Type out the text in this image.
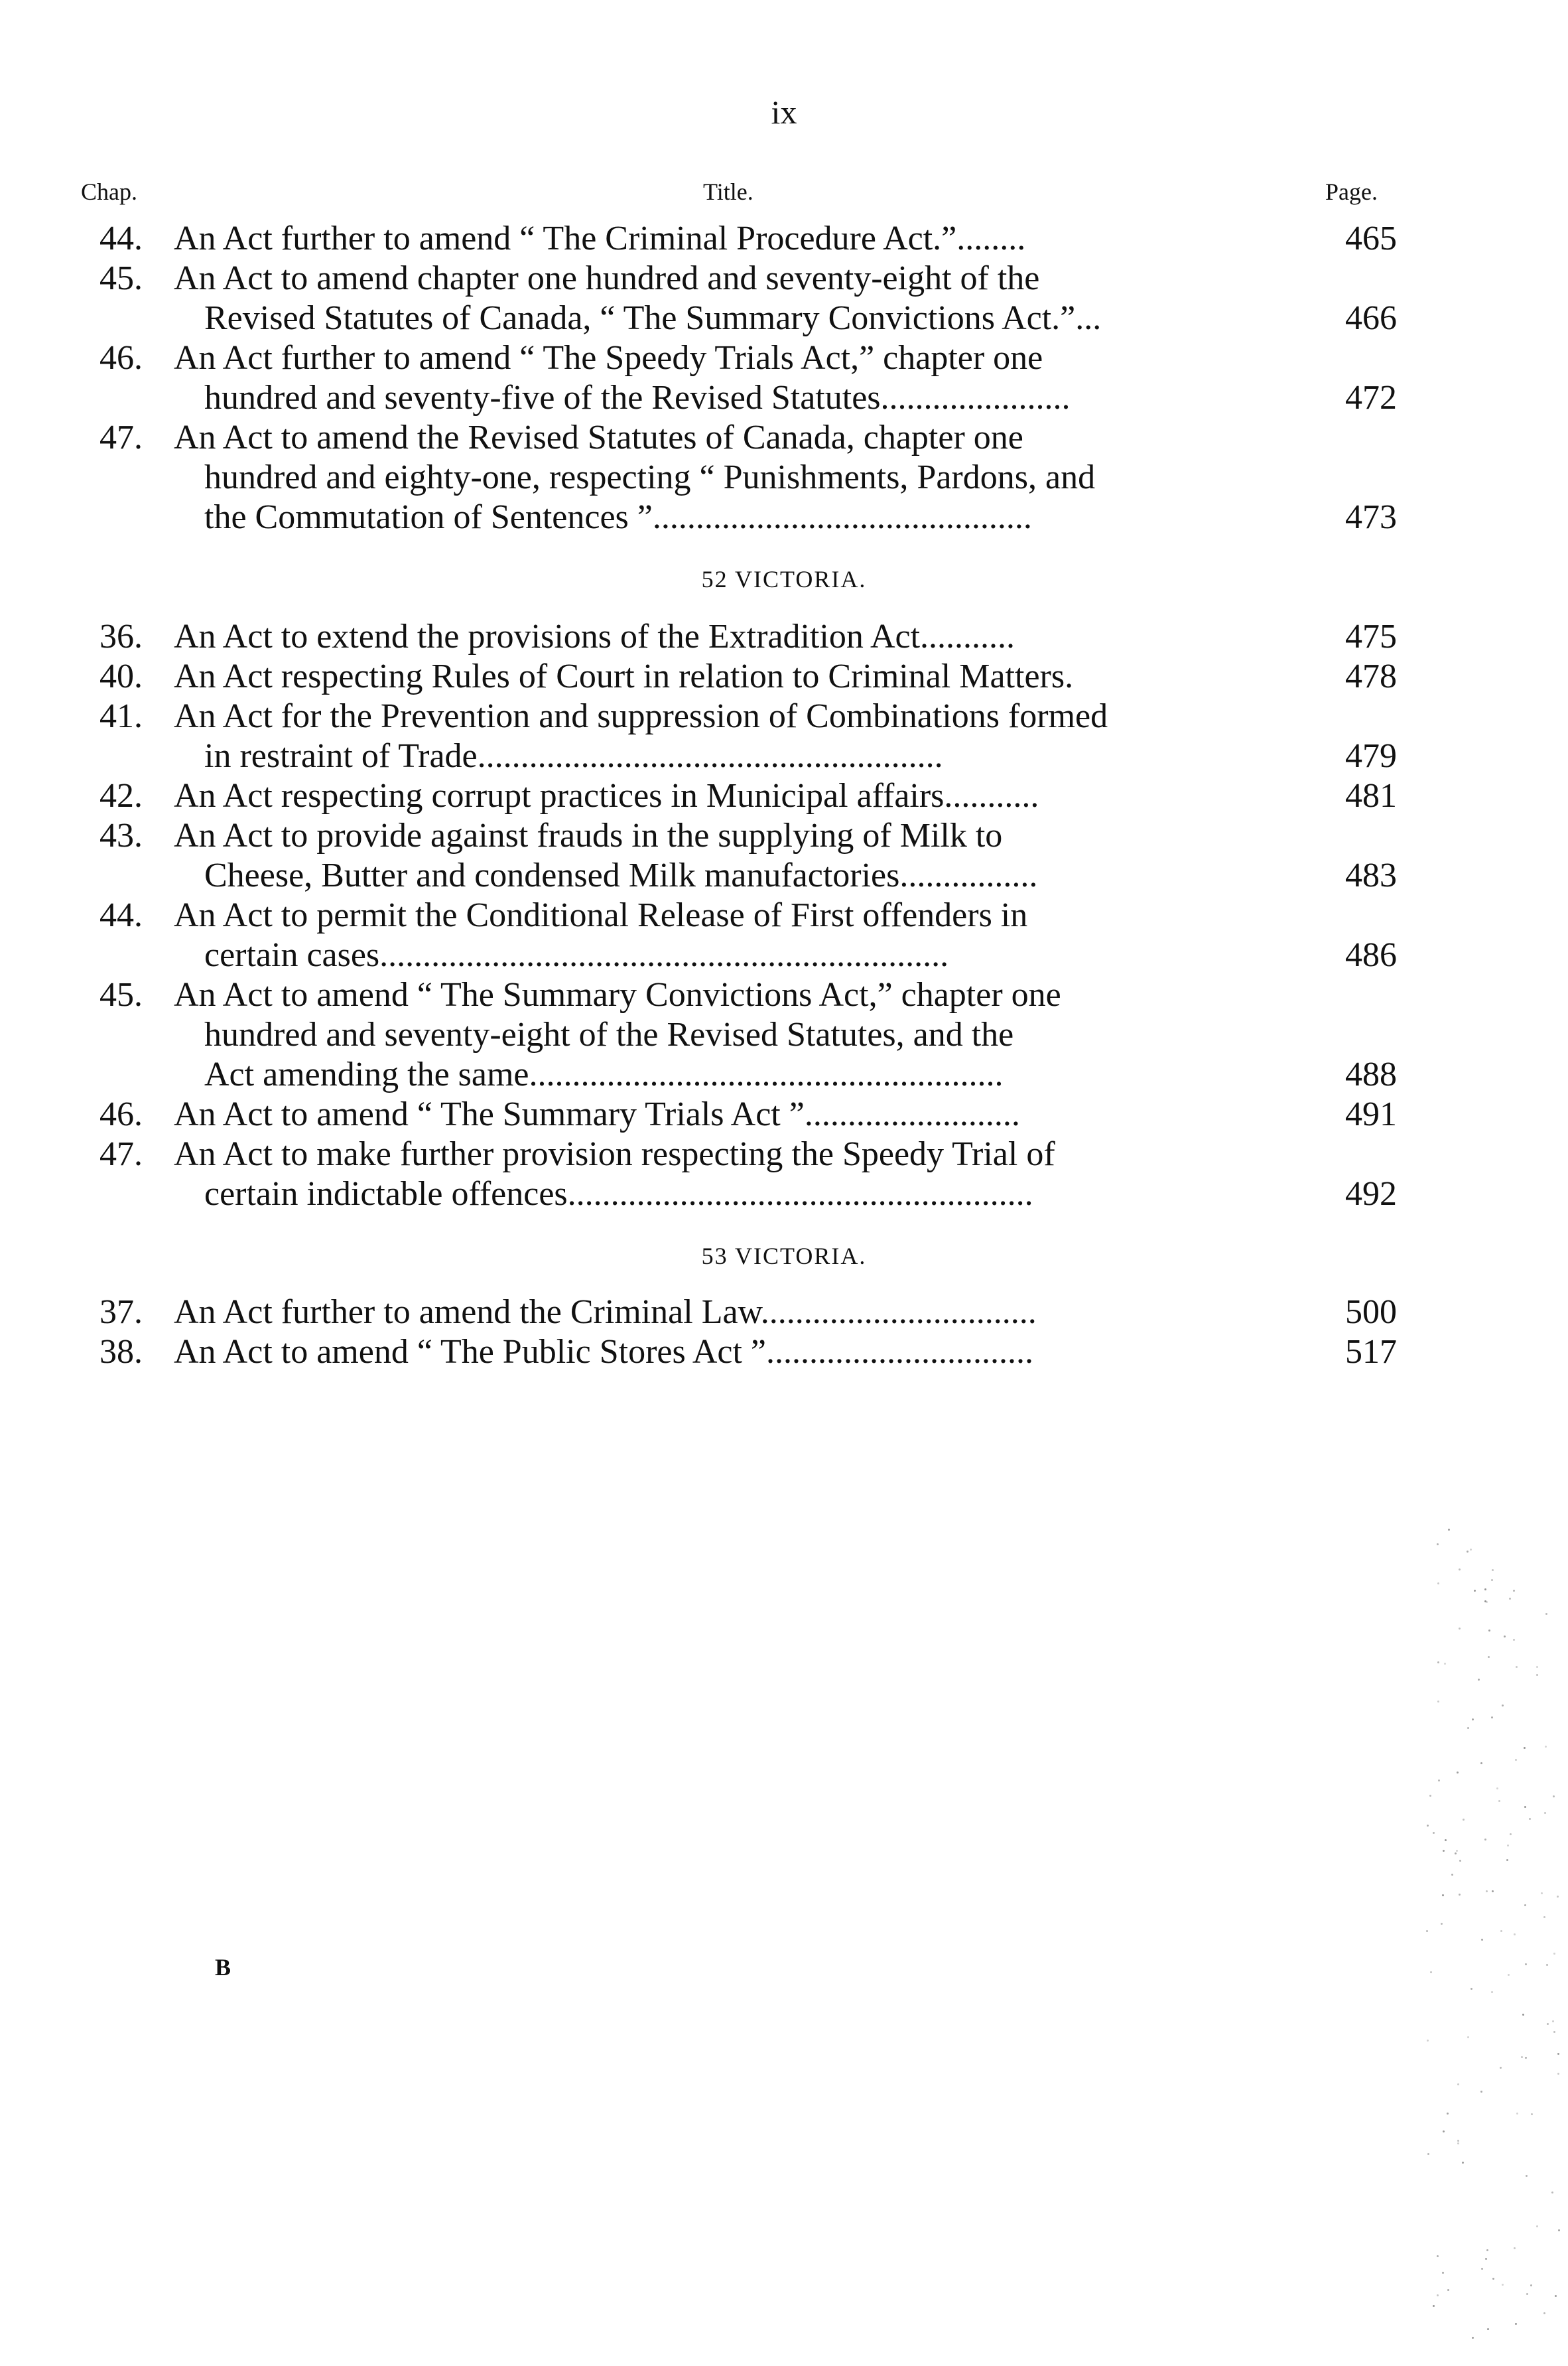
ix
Chap.	Title.	Page.
44. An Act further to amend “ The Criminal Procedure Act.”........	465
45. An Act to amend chapter one hundred and seventy-eight of the
Revised Statutes of Canada, “ The Summary Convictions Act.”...	466
46. An Act further to amend “ The Speedy Trials Act,” chapter one
hundred and seventy-five of the Revised Statutes......................	472
47. An Act to amend the Revised Statutes of Canada, chapter one
hundred and eighty-one, respecting “ Punishments, Pardons, and
the Commutation of Sentences ”............................................	473
52 VICTORIA.
36. An Act to extend the provisions of the Extradition Act...........	475
40. An Act respecting Rules of Court in relation to Criminal Matters.	478
41. An Act for the Prevention and suppression of Combinations formed
in restraint of Trade......................................................	479
42. An Act respecting corrupt practices in Municipal affairs...........	481
43. An Act to provide against frauds in the supplying of Milk to
Cheese, Butter and condensed Milk manufactories................	483
44. An Act to permit the Conditional Release of First offenders in
certain cases..................................................................	486
45. An Act to amend “ The Summary Convictions Act,” chapter one
hundred and seventy-eight of the Revised Statutes, and the
Act amending the same.......................................................	488
46. An Act to amend “ The Summary Trials Act ”.........................	491
47. An Act to make further provision respecting the Speedy Trial of
certain indictable offences......................................................	492
53 VICTORIA.
37. An Act further to amend the Criminal Law................................	500
38. An Act to amend “ The Public Stores Act ”...............................	517
B
